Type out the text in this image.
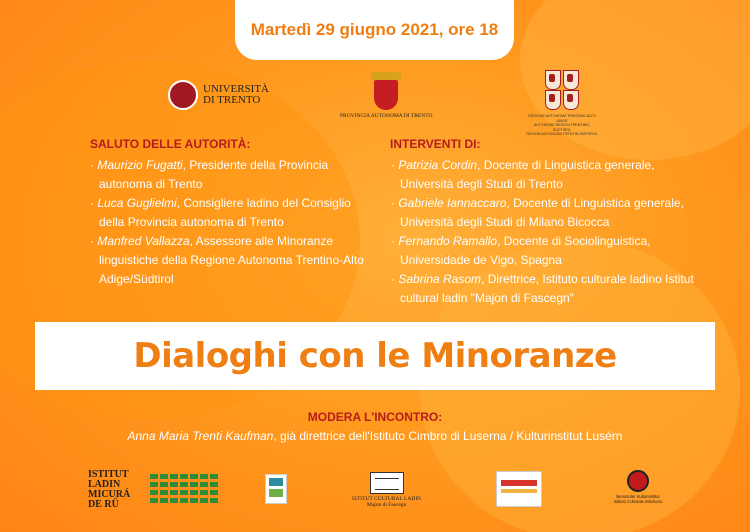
Martedì 29 giugno 2021, ore 18
UNIVERSITÀ
DI TRENTO
PROVINCIA AUTONOMA DI TRENTO	REGIONE AUTONOMA TRENTINO-ALTO ADIGE
AUTONOME REGION TRENTINO-SÜDTIROL
REGION AUTONOMA TRENTIN-SÜDTIROL
SALUTO DELLE AUTORITÀ:
· Maurizio Fugatti, Presidente della Provincia autonoma di Trento
· Luca Guglielmi, Consigliere ladino del Consiglio della Provincia autonoma di Trento
· Manfred Vallazza, Assessore alle Minoranze linguistiche della Regione Autonoma Trentino-Alto Adige/Südtirol
INTERVENTI DI:
· Patrizia Cordin, Docente di Linguistica generale, Università degli Studi di Trento
· Gabriele Iannaccaro, Docente di Linguistica generale, Università degli Studi di Milano Bicocca
· Fernando Ramallo, Docente di Sociolinguistica, Universidade de Vigo, Spagna
· Sabrina Rasom, Direttrice, Istituto culturale ladino Istitut cultural ladin "Majon di Fascegn"
Dialoghi con le Minoranze
MODERA L'INCONTRO:
Anna Maria Trenti Kaufman, già direttrice dell'Istituto Cimbro di Luserna / Kulturinstitut Lusérn
ISTITUT
LADIN
MICURÁ
DE RÜ	ISTITUT CULTURAL LADIN
Majon di Fascegn
Bersntoler Kulturinstitut
Istituto Culturale Mòcheno
